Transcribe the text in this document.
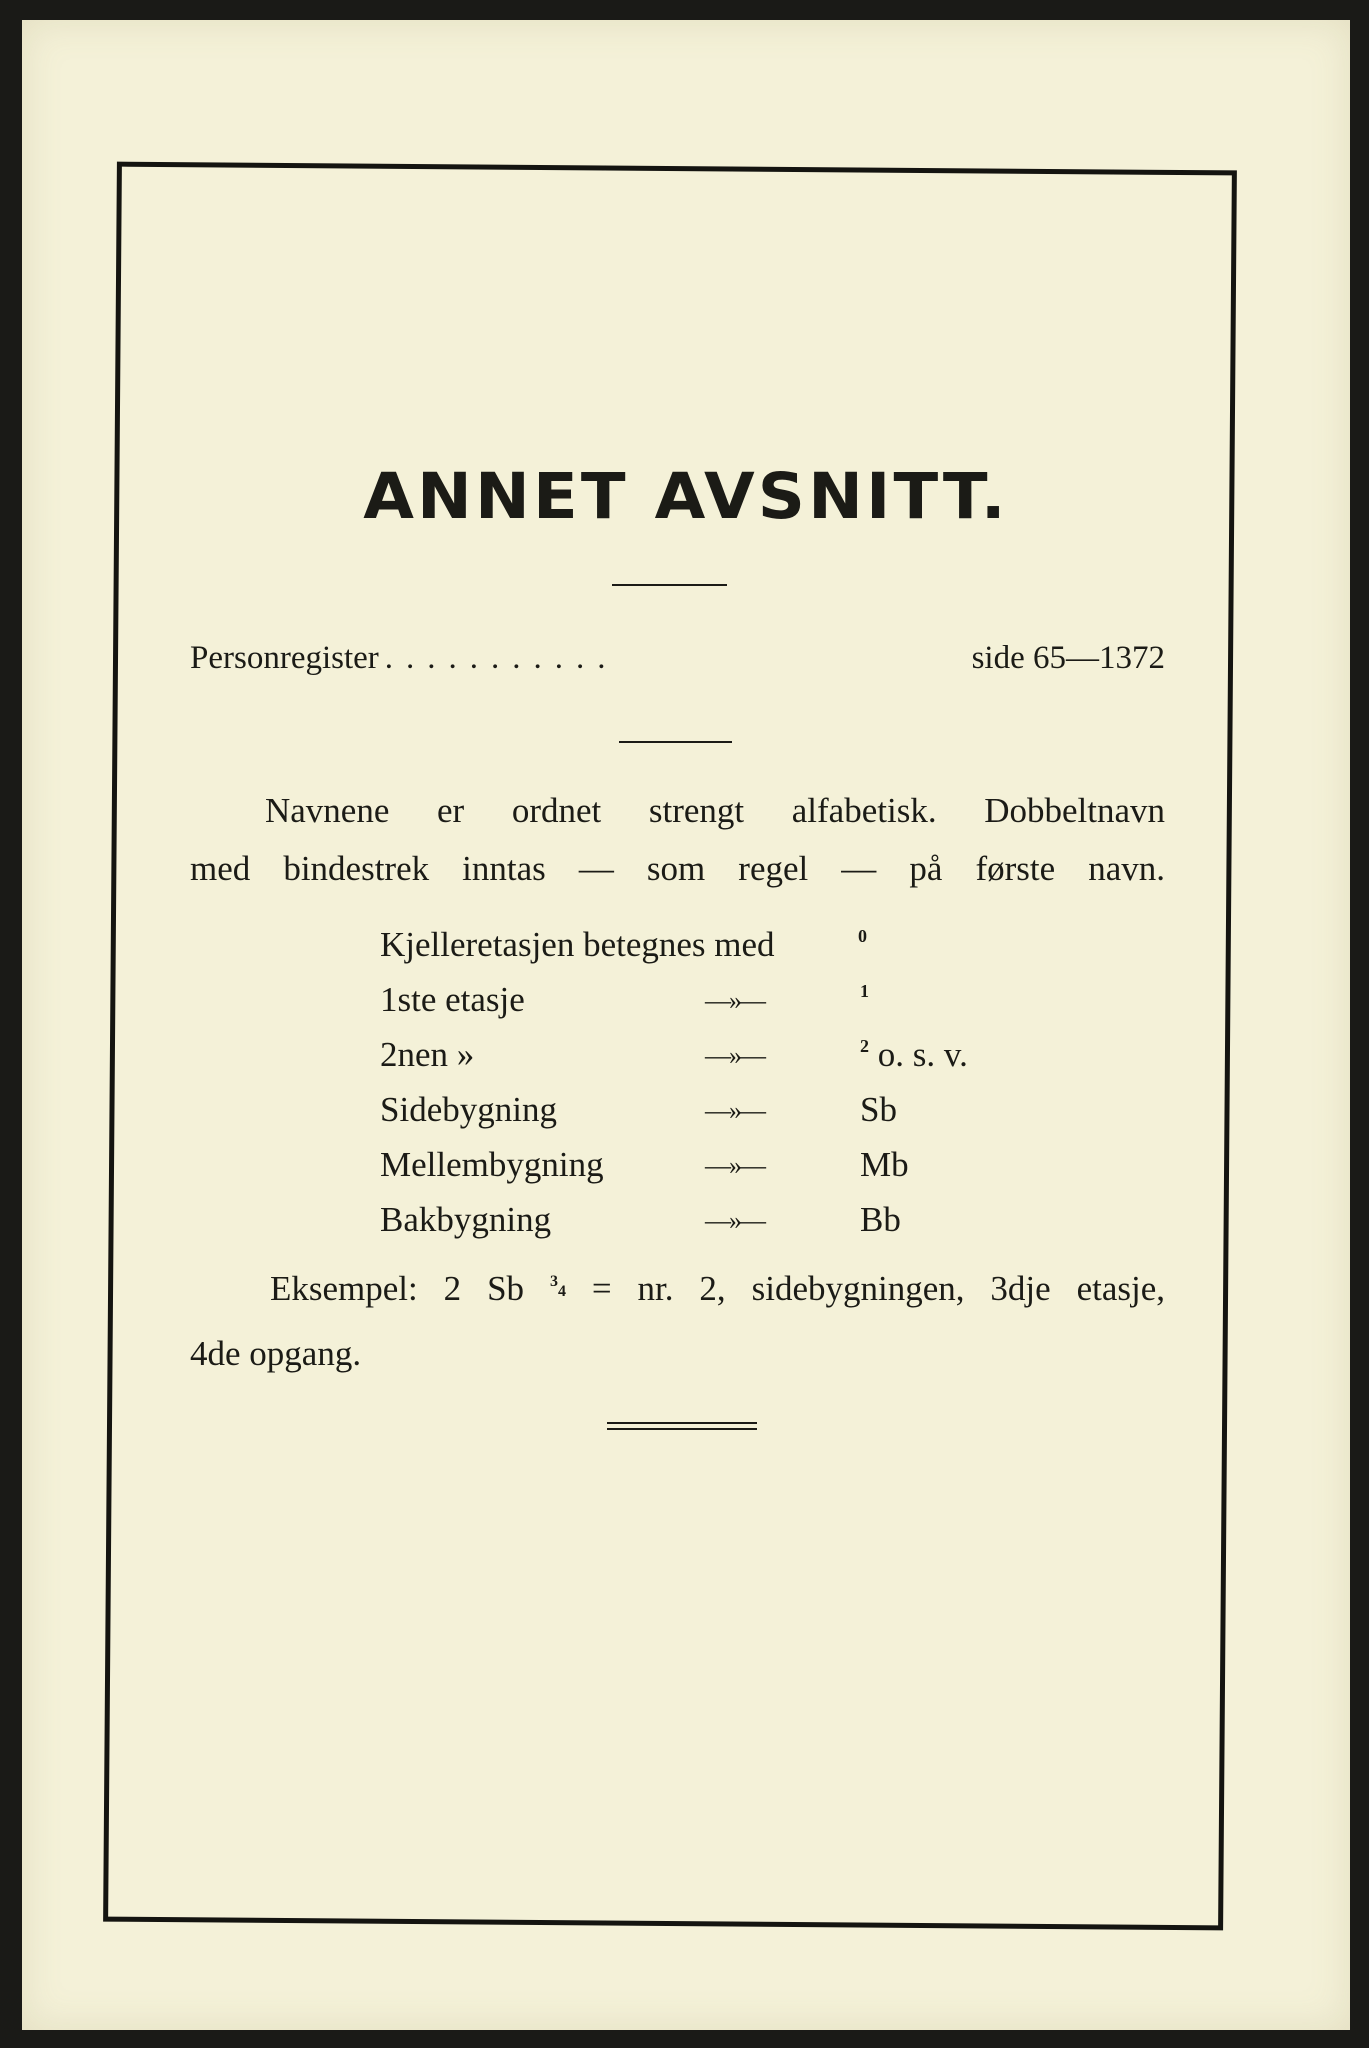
ANNET AVSNITT.
Personregister ...........	side 65—1372
Navnene er ordnet strengt alfabetisk. Dobbeltnavn
med bindestrek inntas — som regel — på første navn.
Kjelleretasjen betegnes med	$^0$
1ste etasje	—»—	$^1$
2nen »	—»—	$^2$ o. s. v.
Sidebygning	—»—	Sb
Mellembygning	—»—	Mb
Bakbygning	—»—	Bb
Eksempel: 2 Sb $^3$4 = nr. 2, sidebygningen, 3dje etasje,
4de opgang.
